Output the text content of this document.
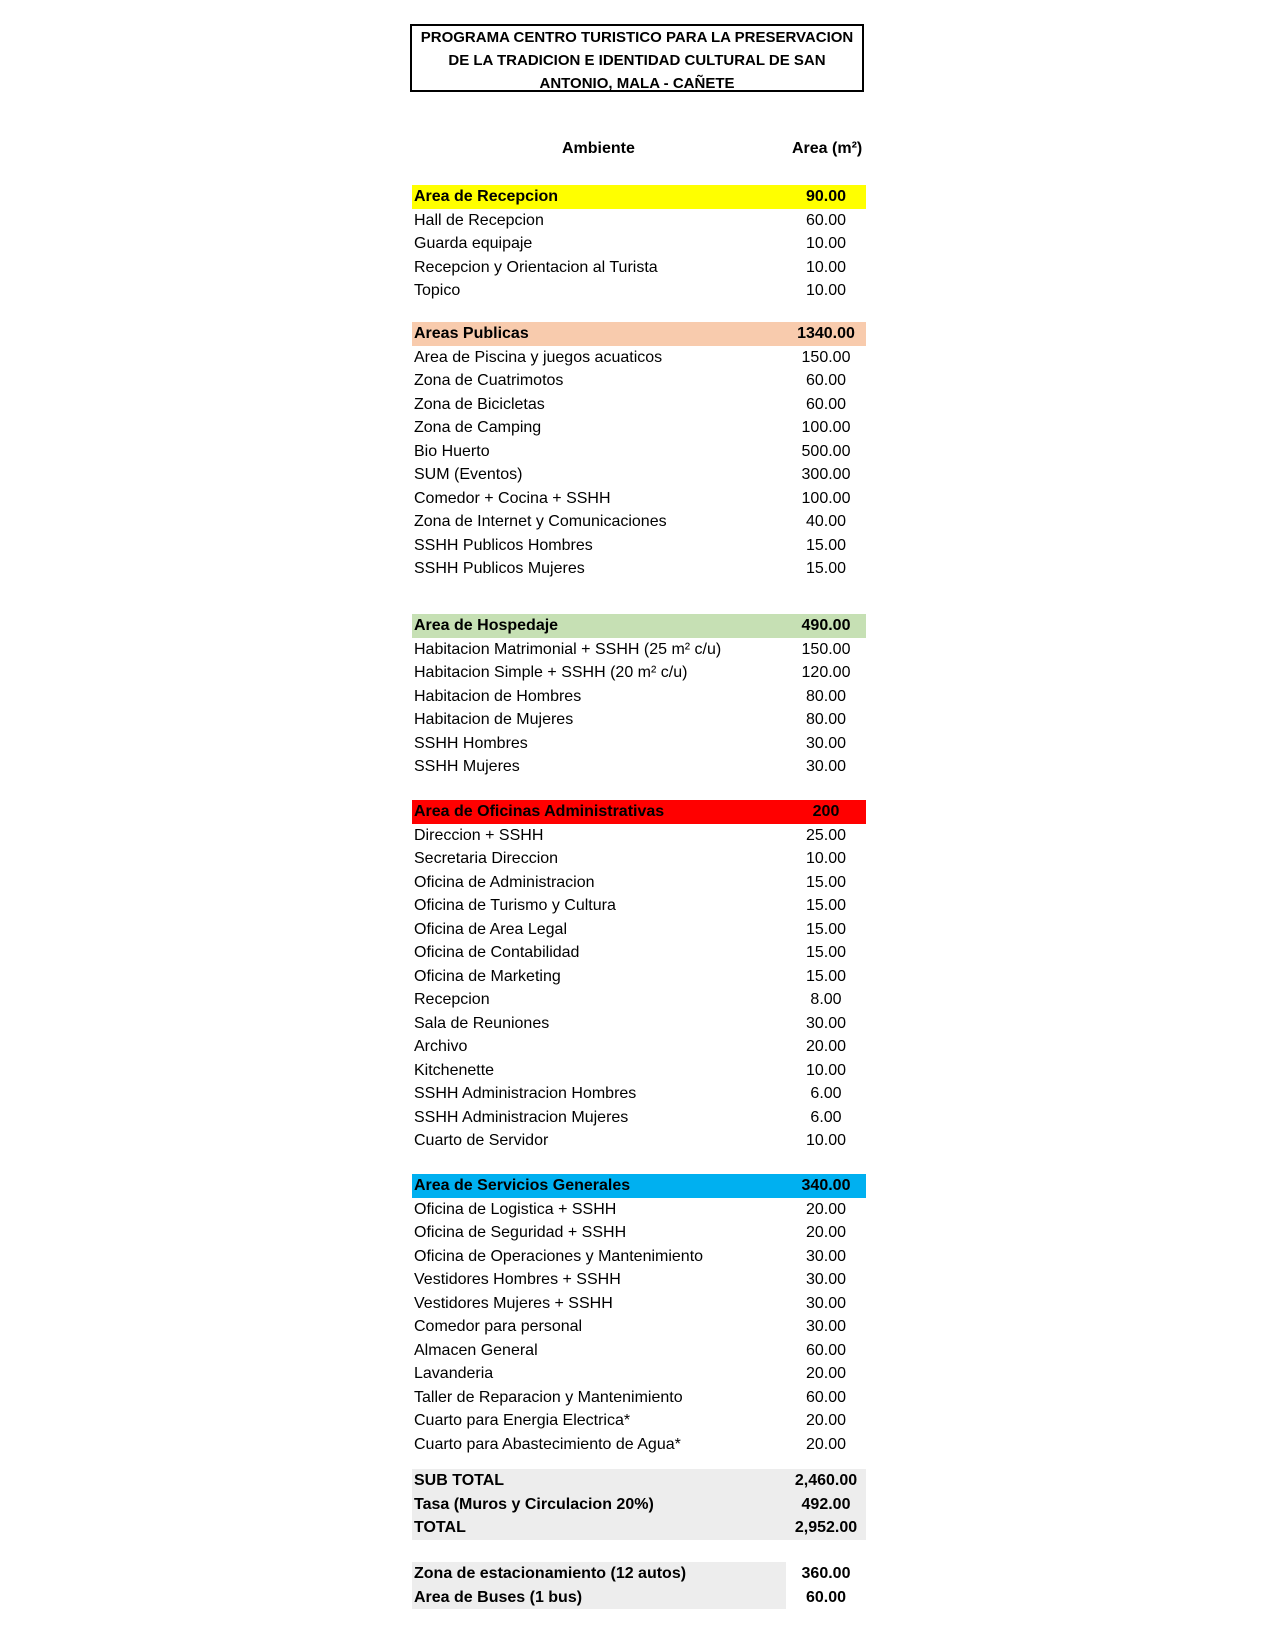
PROGRAMA CENTRO TURISTICO PARA LA PRESERVACION
DE LA TRADICION E IDENTIDAD CULTURAL DE SAN
ANTONIO, MALA - CAÑETE
Ambiente	Area (m²)
Area de Recepcion	90.00
Hall de Recepcion	60.00
Guarda equipaje	10.00
Recepcion y Orientacion al Turista	10.00
Topico	10.00
Areas Publicas	1340.00
Area de Piscina y juegos acuaticos	150.00
Zona de Cuatrimotos	60.00
Zona de Bicicletas	60.00
Zona de Camping	100.00
Bio Huerto	500.00
SUM (Eventos)	300.00
Comedor + Cocina + SSHH	100.00
Zona de Internet y Comunicaciones	40.00
SSHH Publicos Hombres	15.00
SSHH Publicos Mujeres	15.00
Area de Hospedaje	490.00
Habitacion Matrimonial + SSHH (25 m² c/u)	150.00
Habitacion Simple + SSHH (20 m² c/u)	120.00
Habitacion de Hombres	80.00
Habitacion de Mujeres	80.00
SSHH Hombres	30.00
SSHH Mujeres	30.00
Area de Oficinas Administrativas	200
Direccion + SSHH	25.00
Secretaria Direccion	10.00
Oficina de Administracion	15.00
Oficina de Turismo y Cultura	15.00
Oficina de Area Legal	15.00
Oficina de Contabilidad	15.00
Oficina de Marketing	15.00
Recepcion	8.00
Sala de Reuniones	30.00
Archivo	20.00
Kitchenette	10.00
SSHH Administracion Hombres	6.00
SSHH Administracion Mujeres	6.00
Cuarto de Servidor	10.00
Area de Servicios Generales	340.00
Oficina de Logistica + SSHH	20.00
Oficina de Seguridad + SSHH	20.00
Oficina de Operaciones y Mantenimiento	30.00
Vestidores Hombres + SSHH	30.00
Vestidores Mujeres + SSHH	30.00
Comedor para personal	30.00
Almacen General	60.00
Lavanderia	20.00
Taller de Reparacion y Mantenimiento	60.00
Cuarto para Energia Electrica*	20.00
Cuarto para Abastecimiento de Agua*	20.00
SUB TOTAL	2,460.00
Tasa (Muros y Circulacion 20%)	492.00
TOTAL	2,952.00
Zona de estacionamiento (12 autos)	360.00
Area de Buses (1 bus)	60.00
